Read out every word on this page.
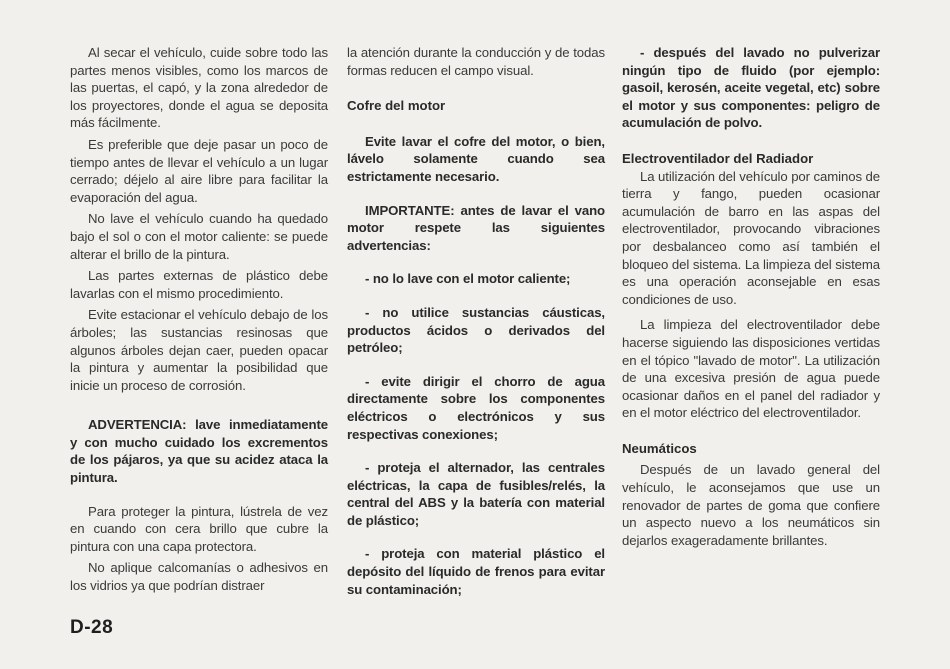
Al secar el vehículo, cuide sobre todo las partes menos visibles, como los marcos de las puertas, el capó, y la zona alrededor de los proyectores, donde el agua se deposita más fácilmente.

Es preferible que deje pasar un poco de tiempo antes de llevar el vehículo a un lugar cerrado; déjelo al aire libre para facilitar la evaporación del agua.

No lave el vehículo cuando ha quedado bajo el sol o con el motor caliente: se puede alterar el brillo de la pintura.

Las partes externas de plástico debe lavarlas con el mismo procedimiento.

Evite estacionar el vehículo debajo de los árboles; las sustancias resinosas que algunos árboles dejan caer, pueden opacar la pintura y aumentar la posibilidad que inicie un proceso de corrosión.

ADVERTENCIA: lave inmediatamente y con mucho cuidado los excrementos de los pájaros, ya que su acidez ataca la pintura.

Para proteger la pintura, lústrela de vez en cuando con cera brillo que cubre la pintura con una capa protectora.

No aplique calcomanías o adhesivos en los vidrios ya que podrían distraer

la atención durante la conducción y de todas formas reducen el campo visual.

Cofre del motor

Evite lavar el cofre del motor, o bien, lávelo solamente cuando sea estrictamente necesario.

IMPORTANTE: antes de lavar el vano motor respete las siguientes advertencias:

- no lo lave con el motor caliente;

- no utilice sustancias cáusticas, productos ácidos o derivados del petróleo;

- evite dirigir el chorro de agua directamente sobre los componentes eléctricos o electrónicos y sus respectivas conexiones;

- proteja el alternador, las centrales eléctricas, la capa de fusibles/relés, la central del ABS y la batería con material de plástico;

- proteja con material plástico el depósito del líquido de frenos para evitar su contaminación;

- después del lavado no pulverizar ningún tipo de fluido (por ejemplo: gasoil, kerosén, aceite vegetal, etc) sobre el motor y sus componentes: peligro de acumulación de polvo.

Electroventilador del Radiador

La utilización del vehículo por caminos de tierra y fango, pueden ocasionar acumulación de barro en las aspas del electroventilador, provocando vibraciones por desbalanceo como así también el bloqueo del sistema. La limpieza del sistema es una operación aconsejable en esas condiciones de uso.

La limpieza del electroventilador debe hacerse siguiendo las disposiciones vertidas en el tópico "lavado de motor". La utilización de una excesiva presión de agua puede ocasionar daños en el panel del radiador y en el motor eléctrico del electroventilador.

Neumáticos

Después de un lavado general del vehículo, le aconsejamos que use un renovador de partes de goma que confiere un aspecto nuevo a los neumáticos sin dejarlos exageradamente brillantes.

D-28
